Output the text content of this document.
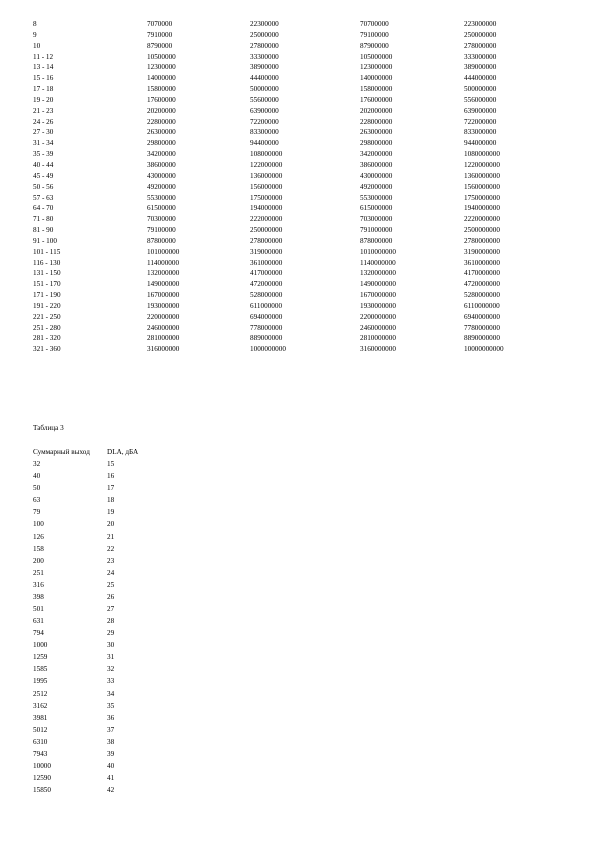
8	7070000	22300000	70700000	223000000
9	7910000	25000000	79100000	250000000
10	8790000	27800000	87900000	278000000
11 - 12	10500000	33300000	105000000	333000000
13 - 14	12300000	38900000	123000000	389000000
15 - 16	14000000	44400000	140000000	444000000
17 - 18	15800000	50000000	158000000	500000000
19 - 20	17600000	55600000	176000000	556000000
21 - 23	20200000	63900000	202000000	639000000
24 - 26	22800000	72200000	228000000	722000000
27 - 30	26300000	83300000	263000000	833000000
31 - 34	29800000	94400000	298000000	944000000
35 - 39	34200000	108000000	342000000	1080000000
40 - 44	38600000	122000000	386000000	1220000000
45 - 49	43000000	136000000	430000000	1360000000
50 - 56	49200000	156000000	492000000	1560000000
57 - 63	55300000	175000000	553000000	1750000000
64 - 70	61500000	194000000	615000000	1940000000
71 - 80	70300000	222000000	703000000	2220000000
81 - 90	79100000	250000000	791000000	2500000000
91 - 100	87800000	278000000	878000000	2780000000
101 - 115	101000000	319000000	1010000000	3190000000
116 - 130	114000000	361000000	1140000000	3610000000
131 - 150	132000000	417000000	1320000000	4170000000
151 - 170	149000000	472000000	1490000000	4720000000
171 - 190	167000000	528000000	1670000000	5280000000
191 - 220	193000000	611000000	1930000000	6110000000
221 - 250	220000000	694000000	2200000000	6940000000
251 - 280	246000000	778000000	2460000000	7780000000
281 - 320	281000000	889000000	2810000000	8890000000
321 - 360	316000000	1000000000	3160000000	10000000000
Таблица 3
Суммарный выход	DLA, дБА
32	15
40	16
50	17
63	18
79	19
100	20
126	21
158	22
200	23
251	24
316	25
398	26
501	27
631	28
794	29
1000	30
1259	31
1585	32
1995	33
2512	34
3162	35
3981	36
5012	37
6310	38
7943	39
10000	40
12590	41
15850	42
